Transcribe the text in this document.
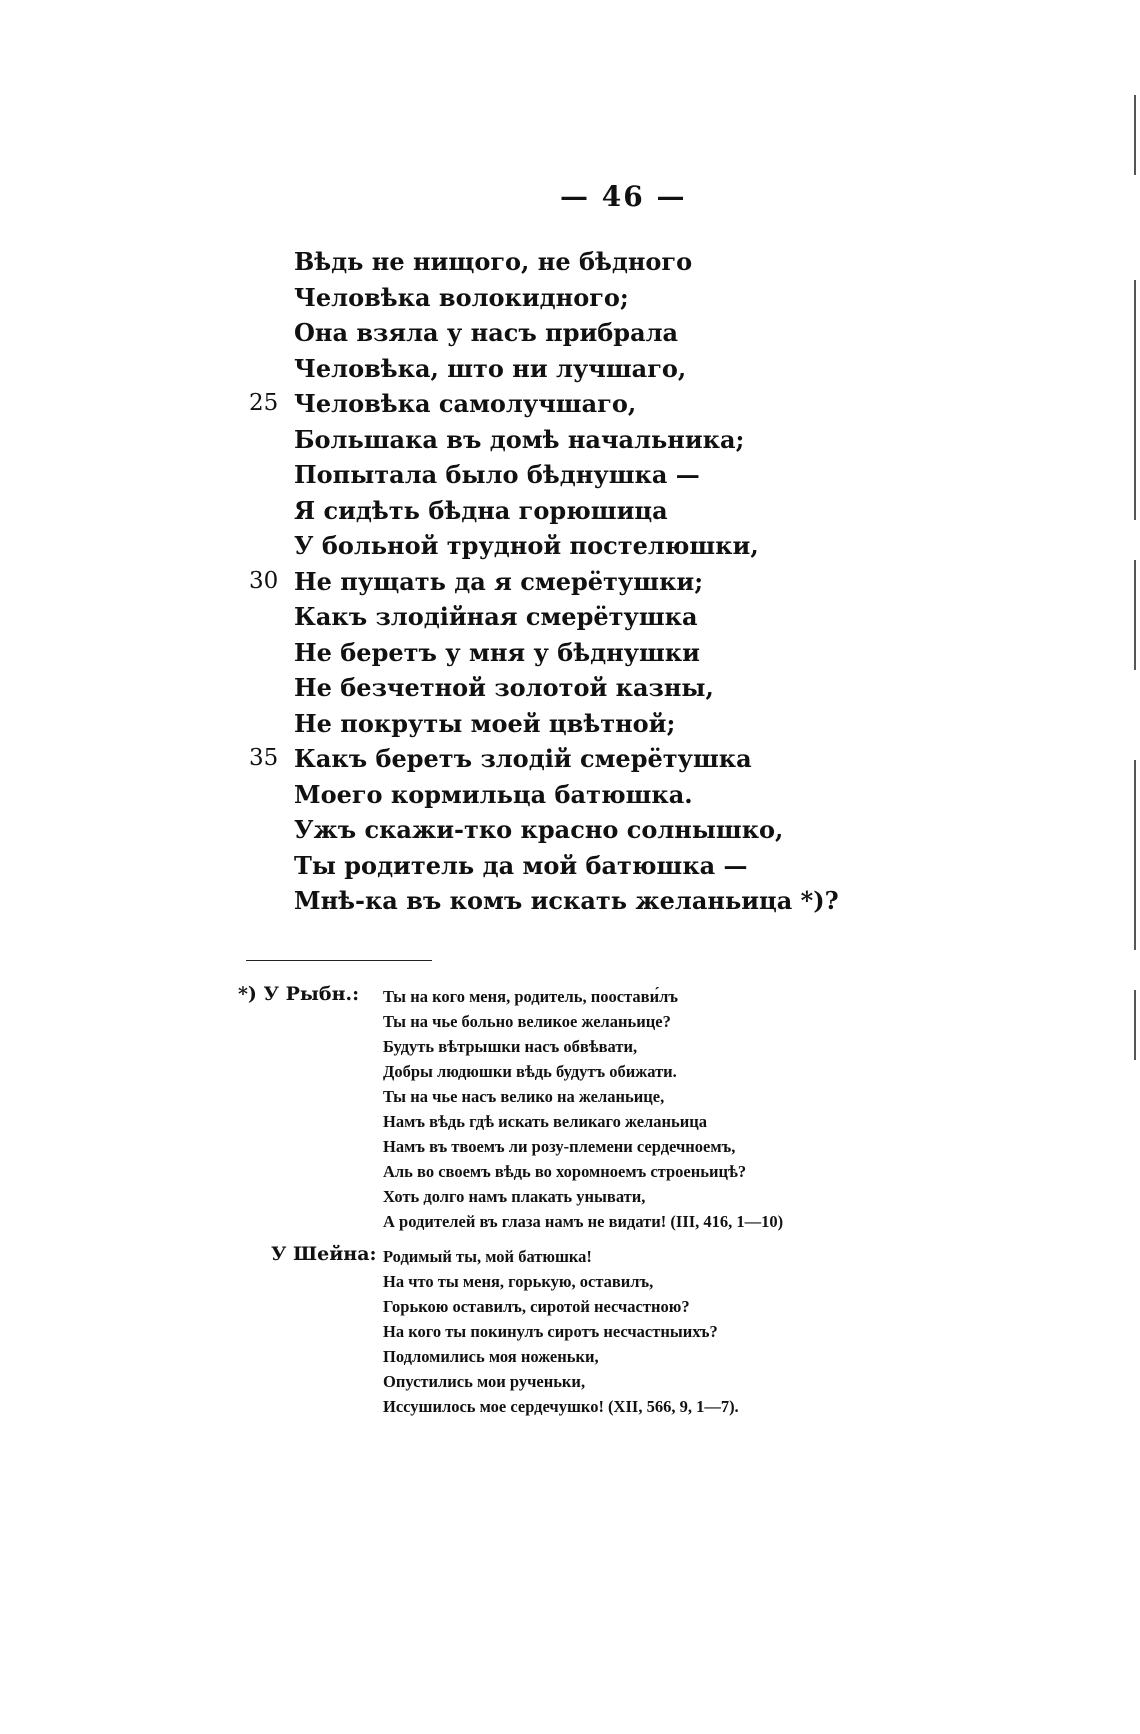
— 46 —
Вѣдь не нищого, не бѣдного
Человѣка волокидного;
Она взяла у насъ прибрала
Человѣка, што ни лучшаго,
25 Человѣка самолучшаго,
Большака въ домѣ начальника;
Попытала было бѣднушка —
Я сидѣть бѣдна горюшица
У больной трудной постелюшки,
30 Не пущать да я смерётушки;
Какъ злодійная смерётушка
Не беретъ у мня у бѣднушки
Не безчетной золотой казны,
Не покруты моей цвѣтной;
35 Какъ беретъ злодій смерётушка
Моего кормильца батюшка.
Ужъ скажи-тко красно солнышко,
Ты родитель да мой батюшка —
Мнѣ-ка въ комъ искать желаньица *)?
*) У Рыбн.: Ты на кого меня, родитель, поостави́лъ
Ты на чье больно великое желаньице?
Будуть вѣтрышки насъ обвѣвати,
Добры людюшки вѣдь будутъ обижати.
Ты на чье насъ велико на желаньице,
Намъ вѣдь гдѣ искать великаго желаньица
Намъ въ твоемъ ли розу-племени сердечноемъ,
Аль во своемъ вѣдь во хоромноемъ строеньицѣ?
Хоть долго намъ плакать унывати,
А родителей въ глаза намъ не видати! (III, 416, 1—10)
У Шейна: Родимый ты, мой батюшка!
На что ты меня, горькую, оставилъ,
Горькою оставилъ, сиротой несчастною?
На кого ты покинулъ сиротъ несчастныихъ?
Подломились моя ноженьки,
Опустились мои рученьки,
Иссушилось мое сердечушко! (XII, 566, 9, 1—7).
